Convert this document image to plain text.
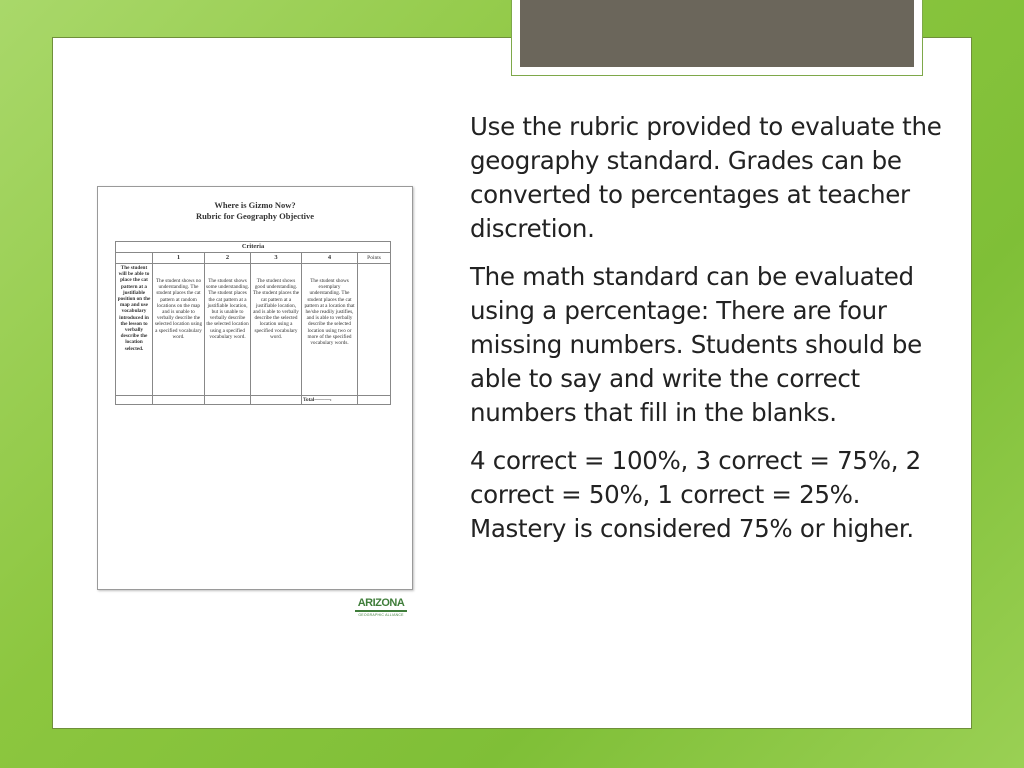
Where is Gizmo Now?
Rubric for Geography Objective
Criteria					
	1	2	3	4	Points
The student will be able to place the cat pattern at a justifiable position on the map and use vocabulary introduced in the lesson to verbally describe the location selected.	The student shows no understanding. The student places the cat pattern at random locations on the map and is unable to verbally describe the selected location using a specified vocabulary word.	The student shows some understanding. The student places the cat pattern at a justifiable location, but is unable to verbally describe the selected location using a specified vocabulary word.	The student shows good understanding. The student places the cat pattern at a justifiable location, and is able to verbally describe the selected location using a specified vocabulary word.	The student shows exemplary understanding. The student places the cat pattern at a location that he/she readily justifies, and is able to verbally describe the selected location using two or more of the specified vocabulary words.	
				Total———›	
ARIZONA
GEOGRAPHIC ALLIANCE

Use the rubric provided to evaluate the geography standard. Grades can be converted to percentages at teacher discretion.

The math standard can be evaluated using a percentage: There are four missing numbers. Students should be able to say and write the correct numbers that fill in the blanks.

4 correct = 100%, 3 correct = 75%, 2 correct = 50%, 1 correct = 25%. Mastery is considered 75% or higher.
